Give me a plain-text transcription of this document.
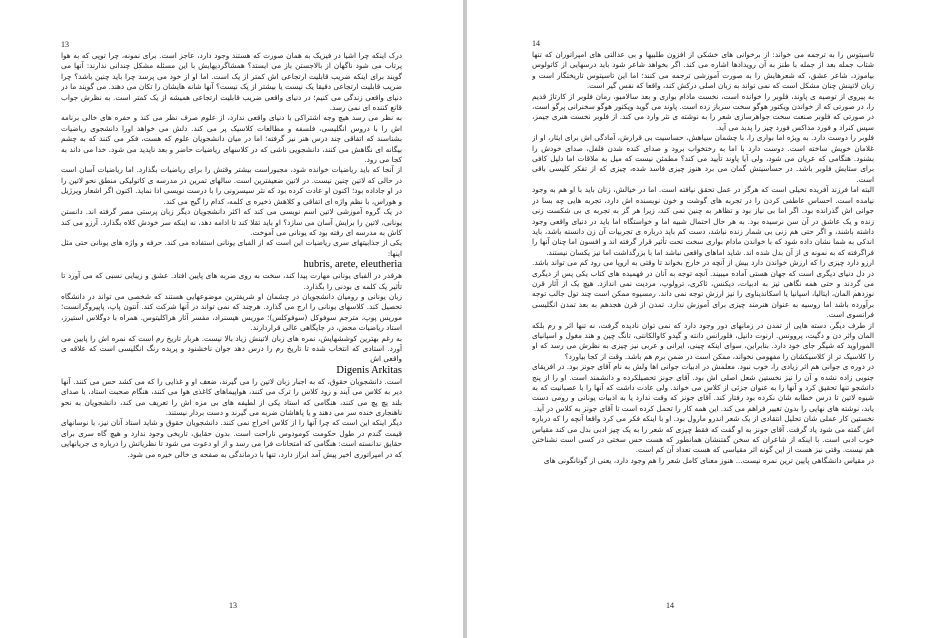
13

درک اینکه چرا اشیا در فیزیک به همان صورت که هستند وجود دارد، عاجز است. برای نمونه، چرا توپی که به هوا پرتاب می شود ناگهان از بالاجستن باز می ایستد؟ همشاگردیهایش با این مسئله مشکل چندانی ندارند: آنها می گویند برای اینکه ضریب قابلیت ارتجاعی اش کمتر از یک است. اما او از خود می پرسد چرا باید چنین باشد؟ چرا ضریب قابلیت ارتجاعی دقیقا یک نیست یا بیشتر از یک نیست؟ آنها شانه هایشان را تکان می دهند. می گویند ما در دنیای واقعی زندگی می کنیم؛ در دنیای واقعی ضریب قابلیت ارتجاعی همیشه از یک کمتر است. به نظرش جواب قانع کننده ای نمی رسد.

به نظر می رسد هیچ وجه اشتراکی با دنیای واقعی ندارد، از علوم صرف نظر می کند و حفره های خالی برنامه اش را با دروس انگلیسی، فلسفه و مطالعات کلاسیک پر می کند. دلش می خواهد اورا دانشجوی ریاضیات بشناسند که اتفاقی چند درس هنر نیز گرفته؛ اما در میان دانشجویان علوم که هست، فکر می کنند که به چشم بیگانه ای نگاهش می کنند، دانشجویی ناشی که در کلاسهای ریاضیات حاضر و بعد ناپدید می شود. خدا می داند به کجا می رود.

از آنجا که باید ریاضیات خوانده شود، مجبوراست بیشتر وقتش را برای ریاضیات بگذارد. اما ریاضیات آسان است در حالی که لاتین چنین نیست. در لاتین ضعیفترین است. سالهای تمرین در مدرسه ی کاتولیکی منطق نحو لاتین را در او جاداده بود؛ اکنون او عادت کرده بود که نثر سیسرونی را با درست نویسی ادا نماید. اکنون اگر اشعار ویرژیل و هوراس، با نظم واژه ای اتفاقی و کلاهش ذخیره ی کلمه، کدام را گیج می کند.

در یک گروه آموزشی لاتین اسم نویسی می کند که اکثر دانشجویان دیگر زبان پرستی مصر گرفته اند. دانستن یونانی، لاتین را برایش آسان می سازد؟ او باید تقلا کند تا ادامه دهد، نه اینکه سر خودش کلاه بگذارد. آرزو می کند کاش به مدرسه ای رفته بود که یونانی می آموخت.

یکی از جذابیتهای سری ریاضیات این است که از الفبای یونانی استفاده می کند. حرفه و واژه های یونانی حتی مثل اینها:

hubris, arete, eleutheria

هرقدر در الفبای یونانی مهارت پیدا کند، سخت به روی ضربه های پایین افتاد. عشق و زیبایی نسبی که می آورد تا تأثیر یک کلمه ی بودنی را بگذارد.

زبان یونانی و رومیان دانشجویان در چشمان او شریفترین موضوعهایی هستند که شخصی می تواند در دانشگاه تحصیل کند. کلاسهای یونانی را ارج می گذارد. هرچند که نمی تواند در آنها شرکت کند. آنتون پاپ، پاپیروگرانست؛ موریس پوپ، مترجم سوفوکل (سوفوکلس)؛ موریس هیسنراد، مفسر آثار هراکلیتوس. همراه با دوگلاس استیرز، استاد ریاضیات محض، در جایگاهی عالی قراردارند.

به رغم بهترین کوششهایش، نمره های زبان لاتینش زیاد بالا نیست. هربار تاریخ رم است که نمره اش را پایین می آورد. استادی که انتخاب شده تا تاریخ رم را درس دهد جوان ناخشنود و پریده رنگ انگلیسی است که علاقه ی واقعی اش

Digenis Arkitas

است. دانشجویان حقوق، که به اجبار زبان لاتین را می گیرند، ضعف او و غذایی را که می کشد حس می کنند. آنها دیر به کلاس می آیند و زود کلاس را ترک می کنند، هواپیماهای کاغذی هوا می کنند، هنگام صحبت استاد، با صدای بلند پچ پچ می کنند، هنگامی که استاد یکی از لطیفه های بی مزه اش را تعریف می کند، دانشجویان به نحو ناهنجاری خنده سر می دهند و یا پاهاشان ضربه می گیرند و دست بردار نیستند.

دیگر اینکه این است که چرا آنها را از کلاس اخراج نمی کنند. دانشجویان حقوق و شاید استاد آنان نیز، با نوسانهای قیمت گندم در طول حکومت کومودوس ناراحت است. بدون حقایق، تاریخی وجود ندارد و هیچ گاه سری برای حقایق ندانسته است: هنگامی که امتحانات فرا می رسد و از او دعوت می شود تا نظریاتش را درباره ی جریانهایی که در امپراتوری اخیر پیش آمد ابراز دارد، تنها با درماندگی به صفحه ی خالی خیره می شود.

13
14

تاسیتوس را به ترجمه می خواند: از برخوانی های خشکی از افزون طلبیها و بی عدالتی های امپراتوران که تنها شتاب جمله بعد از جمله با طنز به آن رویدادها اشاره می کند. اگر بخواهد شاعر شود باید درسهایی از کاتولوس بیاموزد، شاعر عشق، که شعرهایش را به صورت آموزشی ترجمه می کنند؛ اما این تاسیتوس تاریخنگار است و زبان لاتینش چنان مشکل است که نمی تواند به زبان اصلی درکش کند، واقعا که نفس گیر است.

به پیروی از توصیه ی پاوند، فلوبر را خوانده است، نخست مادام بواری و بعد سالامبو، رمان فلوبر از کارتاژ قدیم را، در صورتی که از خواندن ویکتور هوگو سخت سرباز زده است. پاوند می گوید ویکتور هوگو سخنرانی پرگو است، در صورتی که فلوبر صنعت سخت جواهرسازی شعر را به نوشته ی نثر وارد می کند. از فلوبر نخست هنری جیمز، سپس کنراد و فورد مداکس فورد چیز را پدید می آید.

فلوبر را دوست دارد. به ویژه اما بواری را، با چشمان سیاهش، حساسیت بی قرارش، آمادگی اش برای ایثار، او از غلامان خویش ساخته است. دوست دارد با اما به رختخواب برود و صدای کنده شدن فلفل، صدای خودش را بشنود. هنگامی که عریان می شود، ولی آیا پاوند تأیید می کند؟ مطمئن نیست که میل به ملاقات اما دلیل کافی برای ستایش فلوبر باشد. در حساسیتش گمان می برد هنوز چیزی فاسد شده، چیزی که از تفکر کلیسی باقی است.

البته اما فرزند آفریده تخیلی است که هرگز در عمل تحقق نیافته است. اما در خیالش، زنان باید با او هم به وجود نیامده است. احساس عاطفی کردن را در تجربه های گوشت و خون نویسنده اش دارد، تجربه هایی چه بسا در جوانی اش گذرانده بود. اگر اما بی نیاز بود و تظاهر به چنین نمی کند، زیرا هر گز به تجربه ی بی شکست زنی زنده و یک عاشق در آن سن نرسیده بود. به هر حال احتمال شبیه اما و خواستگاه اما باید در دنیای واقعی وجود داشته باشند، و اگر حتی هم زنی بی شمار زنده نباشد، دست کم باید درباره ی تجربیات آن زن دانسته باشد، باید اندکی به شما نشان داده شود که با خواندن مادام بواری سخت تحت تأثیر قرار گرفته اند و افسون اما چنان آنها را فراگرفته که به نمونه ی از آن بدل شده اند. شاید اماهای واقعی نباشد اما با بزرگداشت اما نیز یکسان نیستند.

ارزو دارد چیزی را که ارزش خواندن دارد بیش از آنچه در خارج بخواند تا وقتی به اروپا می رود کم می تواند باشد. در دل دنیای دیگری است که جهان هستی آماده میبیند. آنچه توجه به آنان در فهمیده های کتاب یکی پس از دیگری می گردند و حتی همه نگاهی نیز به ادبیات، دیکنس، ثاکری، ترولوپ، مردیت نمی اندازد. هیچ یک از آثار قرن نوزدهم المان، ایتالیا، اسپانیا یا اسکاندیناوی را نیز ارزش توجه نمی داند. رمسیوه ممکن است چند تول جالب توجه برآورده باشد اما روسیه به عنوان هنرمند چیزی برای آموزش ندارد. تمدن از قرن هجدهم به بعد تمدن انگلیسی فرانسوی است.

از طرف دیگر، دسته هایی از تمدن در زمانهای دور وجود دارد که نمی توان نادیده گرفت، نه تنها اثر و رم بلکه المان واثر دن و دگیت، پروونس. ارنوت دانیل، فلورانس دانته و گیدو کاوالکانتی، تانگ چین و هند مغول و اسپانیای الموراوید که شیگر جای خود دارد. بنابراین، سوای اینکه چینی، ایرانی و عربی نیز چیزی به نظرش می رسد که او را کلاسیک تر از کلاسیکشان را مفهومی نخواند، ممکن است در ضمن برم هم باشد. وقت از کجا بیاورد؟

در دوره ی جوانی هم اثر زیادی را، خوب نبود. معلمش در ادبیات جوانی اها ولش به نام آقای جونز بود. در افریقای جنوبی زاده نشده و آن را نیز نخستین شعل اصلی اش بود. آقای جونز تحصیلکرده و دانشمند است. او را از پنج دانشجو تنها تحقیق کرد و آنها را به عنوان جزئی از کلاس می خواند. ولی عادت داشت که آنها را با عصبانیت که به شیوه لاتین تا درس خطابه شان نکرده بود رفتار کند. آقای جونز که وقت ندارد یا به ادبیات یونانی و رومی دست یابد، نوشته های نهایی را بدون تغییر فراهم می کند. این همه کار را تحمل کرده است تا آقای جونز به کلاس در آید.

نخستین کار عملی شان تحلیل انتقادی از یک شعر اندرو مارول بود. او با اینکه فکر می کرد واقعا آنچه را که درباره اش گفته می شود یاد گرفت. آقای جونز به او گفت که فقط چیزی که شعر را به یک چیز ادبی بدل می کند مقیاس خوب ادبی است. با اینکه از شاعران که سخن گفتنشان همانطور که هست حس سختی در کسی است نشناختن هم نیست. وقتی نیز هست از این گونه اثر مقیاسی که هست تعداد آن کم است.

در مقیاس دانشگاهی پایین ترین نمره نیست... هنوز معنای کامل شعر را هم وجود دارد، یعنی از گونانگونی های

14
